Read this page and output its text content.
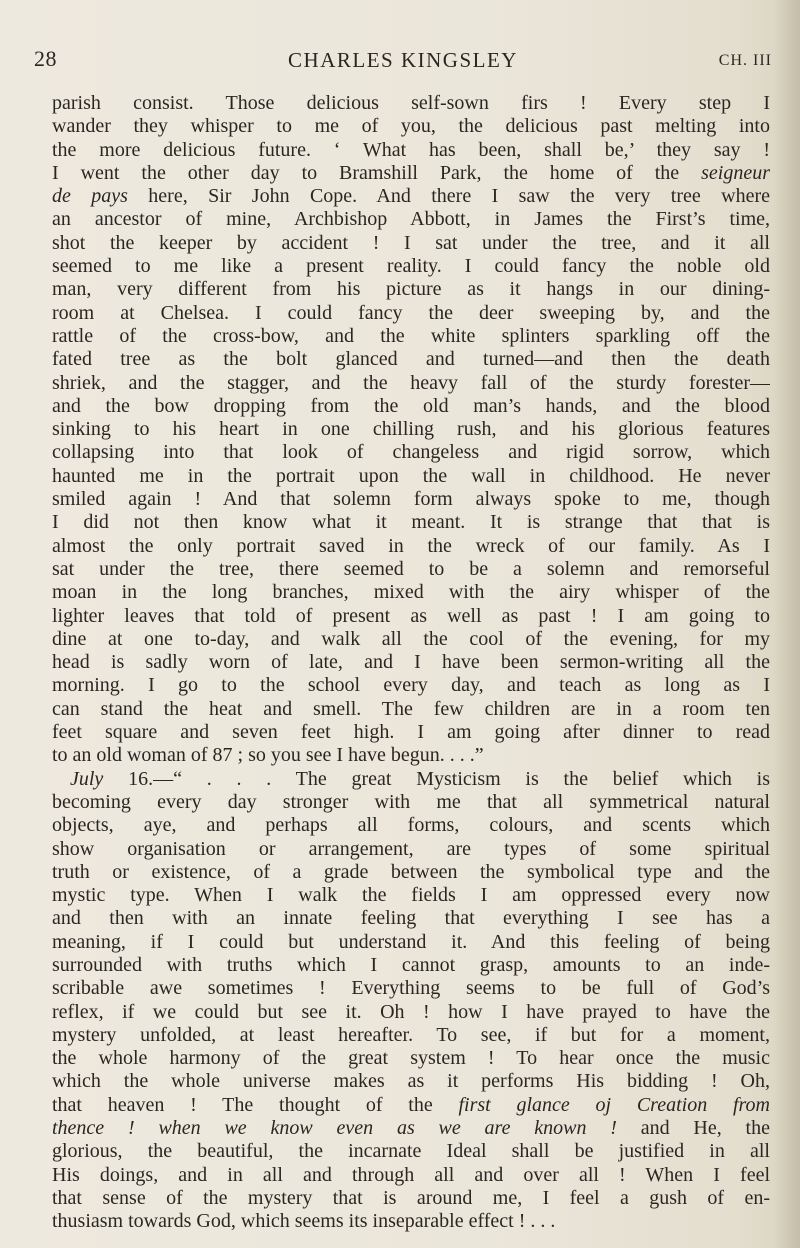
28	CHARLES KINGSLEY	CH. III
parish consist. Those delicious self-sown firs ! Every step I
wander they whisper to me of you, the delicious past melting into
the more delicious future. ‘ What has been, shall be,’ they say !
I went the other day to Bramshill Park, the home of the seigneur
de pays here, Sir John Cope. And there I saw the very tree where
an ancestor of mine, Archbishop Abbott, in James the First’s time,
shot the keeper by accident ! I sat under the tree, and it all
seemed to me like a present reality. I could fancy the noble old
man, very different from his picture as it hangs in our dining-
room at Chelsea. I could fancy the deer sweeping by, and the
rattle of the cross-bow, and the white splinters sparkling off the
fated tree as the bolt glanced and turned—and then the death
shriek, and the stagger, and the heavy fall of the sturdy forester—
and the bow dropping from the old man’s hands, and the blood
sinking to his heart in one chilling rush, and his glorious features
collapsing into that look of changeless and rigid sorrow, which
haunted me in the portrait upon the wall in childhood. He never
smiled again ! And that solemn form always spoke to me, though
I did not then know what it meant. It is strange that that is
almost the only portrait saved in the wreck of our family. As I
sat under the tree, there seemed to be a solemn and remorseful
moan in the long branches, mixed with the airy whisper of the
lighter leaves that told of present as well as past ! I am going to
dine at one to-day, and walk all the cool of the evening, for my
head is sadly worn of late, and I have been sermon-writing all the
morning. I go to the school every day, and teach as long as I
can stand the heat and smell. The few children are in a room ten
feet square and seven feet high. I am going after dinner to read
to an old woman of 87 ; so you see I have begun. . . .”
July 16.—“ . . . The great Mysticism is the belief which is
becoming every day stronger with me that all symmetrical natural
objects, aye, and perhaps all forms, colours, and scents which
show organisation or arrangement, are types of some spiritual
truth or existence, of a grade between the symbolical type and the
mystic type. When I walk the fields I am oppressed every now
and then with an innate feeling that everything I see has a
meaning, if I could but understand it. And this feeling of being
surrounded with truths which I cannot grasp, amounts to an inde-
scribable awe sometimes ! Everything seems to be full of God’s
reflex, if we could but see it. Oh ! how I have prayed to have the
mystery unfolded, at least hereafter. To see, if but for a moment,
the whole harmony of the great system ! To hear once the music
which the whole universe makes as it performs His bidding ! Oh,
that heaven ! The thought of the first glance oj Creation from
thence ! when we know even as we are known ! and He, the
glorious, the beautiful, the incarnate Ideal shall be justified in all
His doings, and in all and through all and over all ! When I feel
that sense of the mystery that is around me, I feel a gush of en-
thusiasm towards God, which seems its inseparable effect ! . . .
